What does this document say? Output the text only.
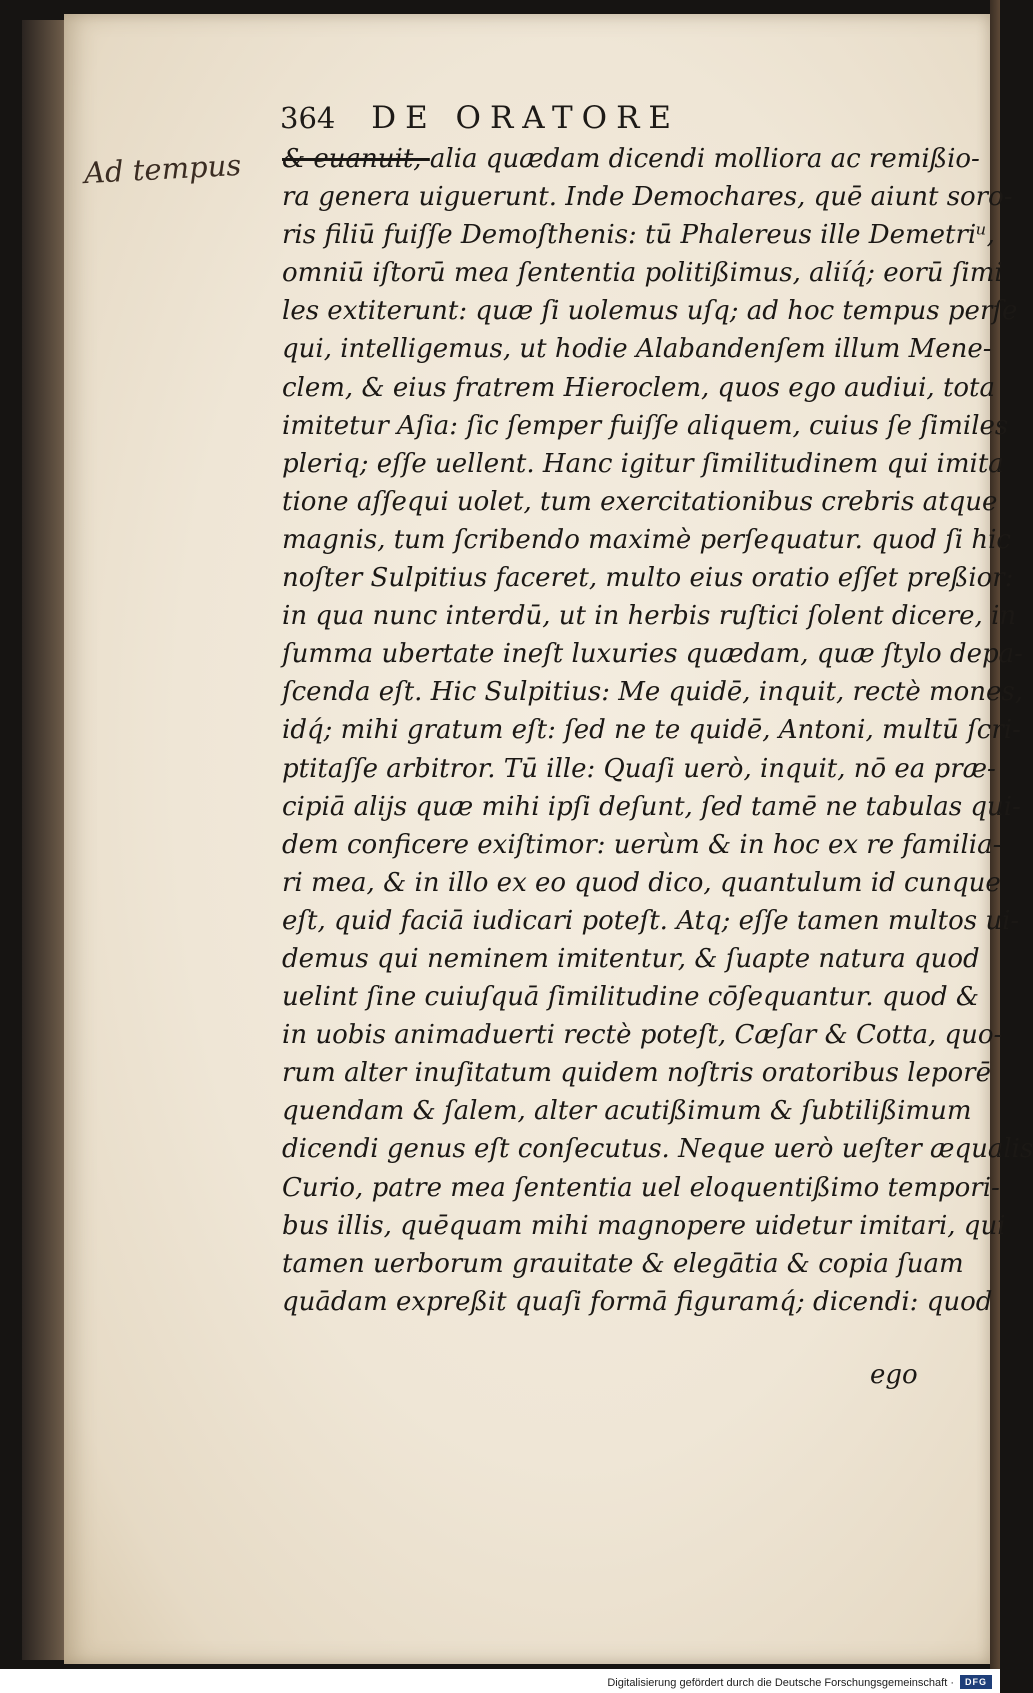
364 DE ORATORE
Ad tempus & euanuit, alia quædam dicendi molliora ac remißio-
ra genera uiguerunt. Inde Demochares, quē aiunt soro-
ris filiū fuiſſe Demoſthenis: tū Phalereus ille Demetriᵘ,
omniū iſtorū mea ſententia politißimus, aliíq́; eorū ſimi
les extiterunt: quæ ſi uolemus uſq; ad hoc tempus perſe
qui, intelligemus, ut hodie Alabandenſem illum Mene-
clem, & eius fratrem Hieroclem, quos ego audiui, tota
imitetur Aſia: ſic ſemper fuiſſe aliquem, cuius ſe ſimiles
pleriq; eſſe uellent. Hanc igitur ſimilitudinem qui imita
tione aſſequi uolet, tum exercitationibus crebris atque
magnis, tum ſcribendo maximè perſequatur. quod ſi hic
noſter Sulpitius faceret, multo eius oratio eſſet preßior:
in qua nunc interdū, ut in herbis ruſtici ſolent dicere, in
ſumma ubertate ineſt luxuries quædam, quæ ſtylo depa-
ſcenda eſt. Hic Sulpitius: Me quidē, inquit, rectè mones,
idq́; mihi gratum eſt: ſed ne te quidē, Antoni, multū ſcri-
ptitaſſe arbitror. Tū ille: Quaſi uerò, inquit, nō ea præ-
cipiā alijs quæ mihi ipſi deſunt, ſed tamē ne tabulas qui-
dem conficere exiſtimor: uerùm & in hoc ex re familia-
ri mea, & in illo ex eo quod dico, quantulum id cunque
eſt, quid faciā iudicari poteſt. Atq; eſſe tamen multos ui-
demus qui neminem imitentur, & ſuapte natura quod
uelint ſine cuiuſquā ſimilitudine cōſequantur. quod &
in uobis animaduerti rectè poteſt, Cæſar & Cotta, quo-
rum alter inuſitatum quidem noſtris oratoribus leporē
quendam & ſalem, alter acutißimum & ſubtilißimum
dicendi genus eſt conſecutus. Neque uerò ueſter æqualis
Curio, patre mea ſententia uel eloquentißimo tempori-
bus illis, quēquam mihi magnopere uidetur imitari, qui
tamen uerborum grauitate & elegātia & copia ſuam
quādam expreßit quaſi formā figuramq́; dicendi: quod
ego
Digitalisierung gefördert durch die Deutsche Forschungsgemeinschaft ·	DFG
